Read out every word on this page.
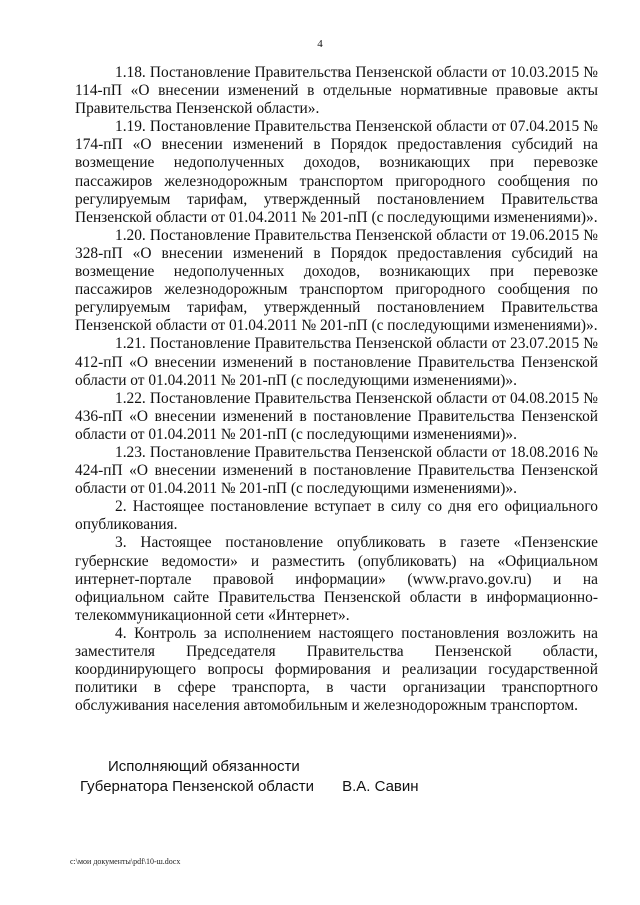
4

1.18. Постановление Правительства Пензенской области от 10.03.2015 № 114-пП «О внесении изменений в отдельные нормативные правовые акты Правительства Пензенской области».

1.19. Постановление Правительства Пензенской области от 07.04.2015 № 174-пП «О внесении изменений в Порядок предоставления субсидий на возмещение недополученных доходов, возникающих при перевозке пассажиров железнодорожным транспортом пригородного сообщения по регулируемым тарифам, утвержденный постановлением Правительства Пензенской области от 01.04.2011 № 201-пП (с последующими изменениями)».

1.20. Постановление Правительства Пензенской области от 19.06.2015 № 328-пП «О внесении изменений в Порядок предоставления субсидий на возмещение недополученных доходов, возникающих при перевозке пассажиров железнодорожным транспортом пригородного сообщения по регулируемым тарифам, утвержденный постановлением Правительства Пензенской области от 01.04.2011 № 201-пП (с последующими изменениями)».

1.21. Постановление Правительства Пензенской области от 23.07.2015 № 412-пП «О внесении изменений в постановление Правительства Пензенской области от 01.04.2011 № 201-пП (с последующими изменениями)».

1.22. Постановление Правительства Пензенской области от 04.08.2015 № 436-пП «О внесении изменений в постановление Правительства Пензенской области от 01.04.2011 № 201-пП (с последующими изменениями)».

1.23. Постановление Правительства Пензенской области от 18.08.2016 № 424-пП «О внесении изменений в постановление Правительства Пензенской области от 01.04.2011 № 201-пП (с последующими изменениями)».

2. Настоящее постановление вступает в силу со дня его официального опубликования.

3. Настоящее постановление опубликовать в газете «Пензенские губернские ведомости» и разместить (опубликовать) на «Официальном интернет-портале правовой информации» (www.pravo.gov.ru) и на официальном сайте Правительства Пензенской области в информационно-телекоммуникационной сети «Интернет».

4. Контроль за исполнением настоящего постановления возложить на заместителя Председателя Правительства Пензенской области, координирующего вопросы формирования и реализации государственной политики в сфере транспорта, в части организации транспортного обслуживания населения автомобильным и железнодорожным транспортом.

Исполняющий обязанности
Губернатора Пензенской области В.А. Савин
c:\мои документы\pdf\10-ш.docx
